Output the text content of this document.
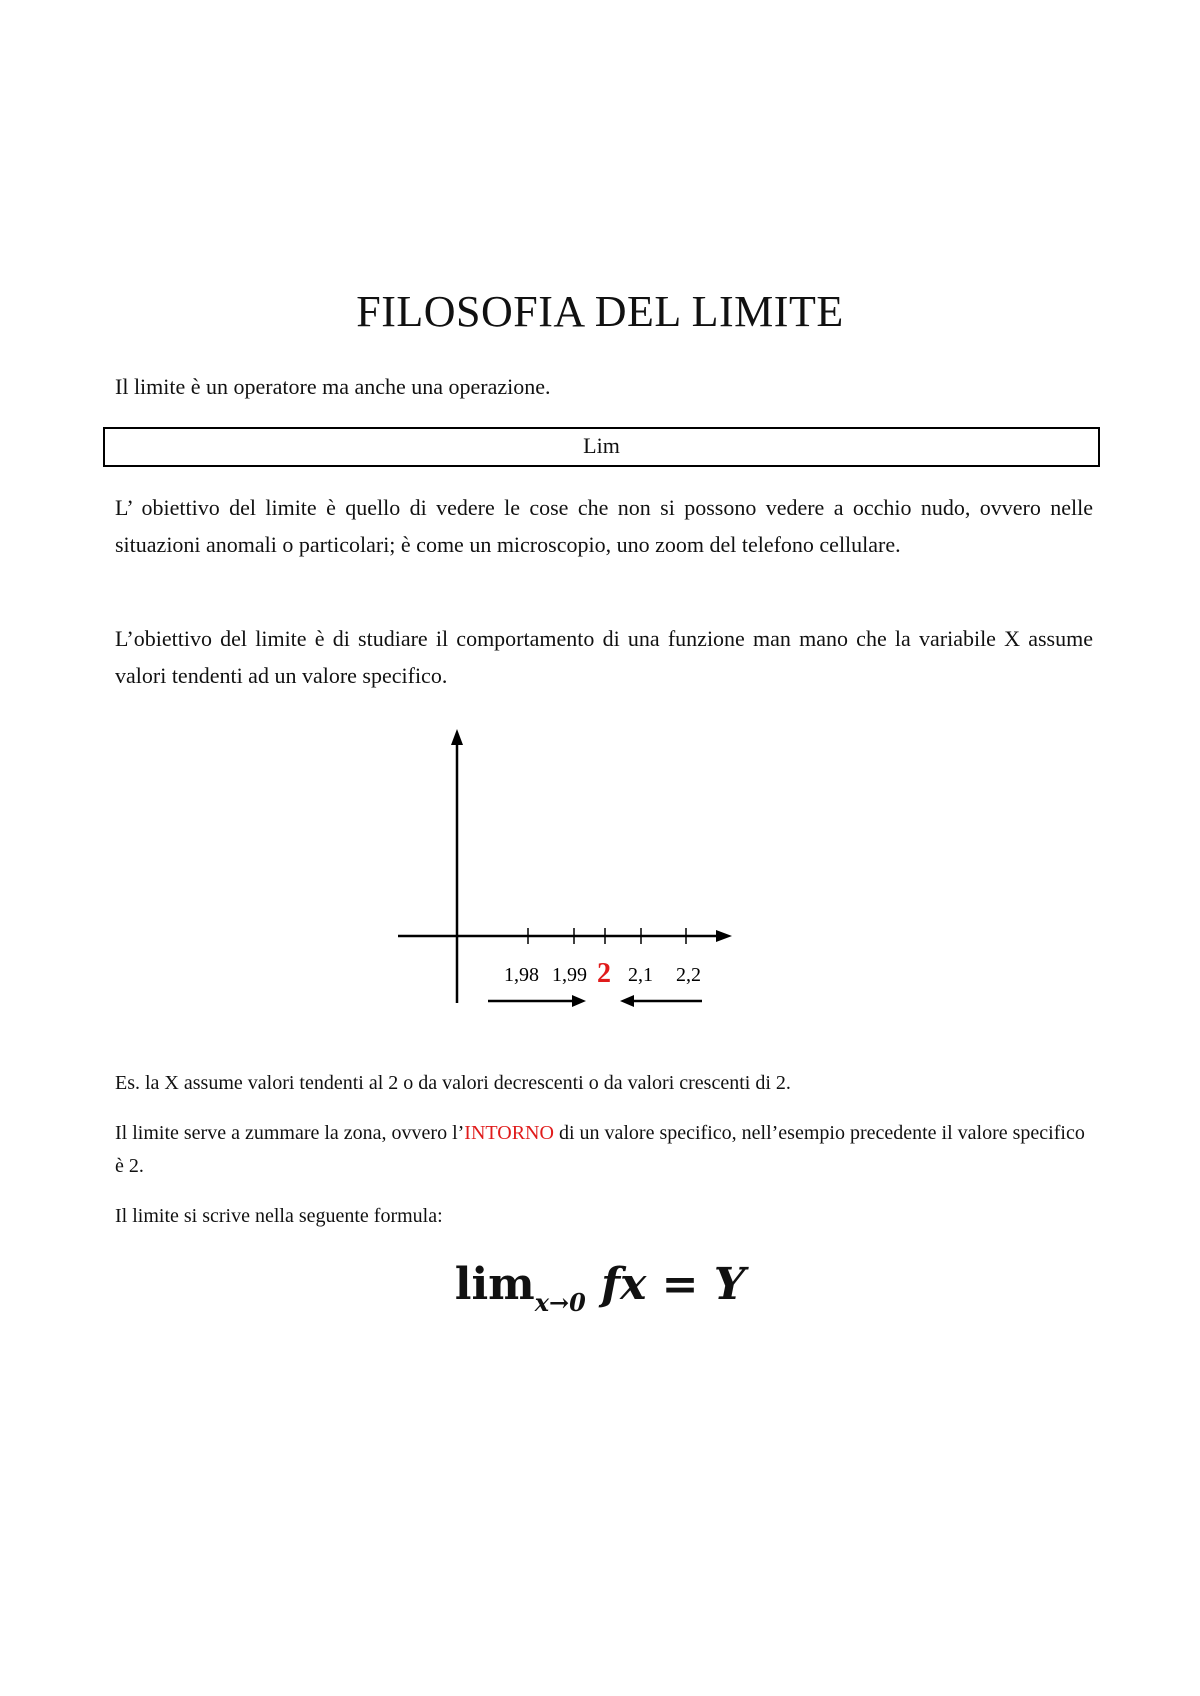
FILOSOFIA DEL LIMITE

Il limite è un operatore ma anche una operazione.

Lim

L’ obiettivo del limite è quello di vedere le cose che non si possono vedere a occhio nudo, ovvero nelle situazioni anomali o particolari; è come un microscopio, uno zoom del telefono cellulare.

L’obiettivo del limite è di studiare il comportamento di una funzione man mano che la variabile X assume valori tendenti ad un valore specifico.

1,98 1,99 2 2,1 2,2

Es. la X assume valori tendenti al 2 o da valori decrescenti o da valori crescenti di 2.

Il limite serve a zummare la zona, ovvero l’INTORNO di un valore specifico, nell’esempio precedente il valore specifico è 2.

Il limite si scrive nella seguente formula:

$\lim_{x\to 0}$ 𝒇𝒙 = 𝒀
